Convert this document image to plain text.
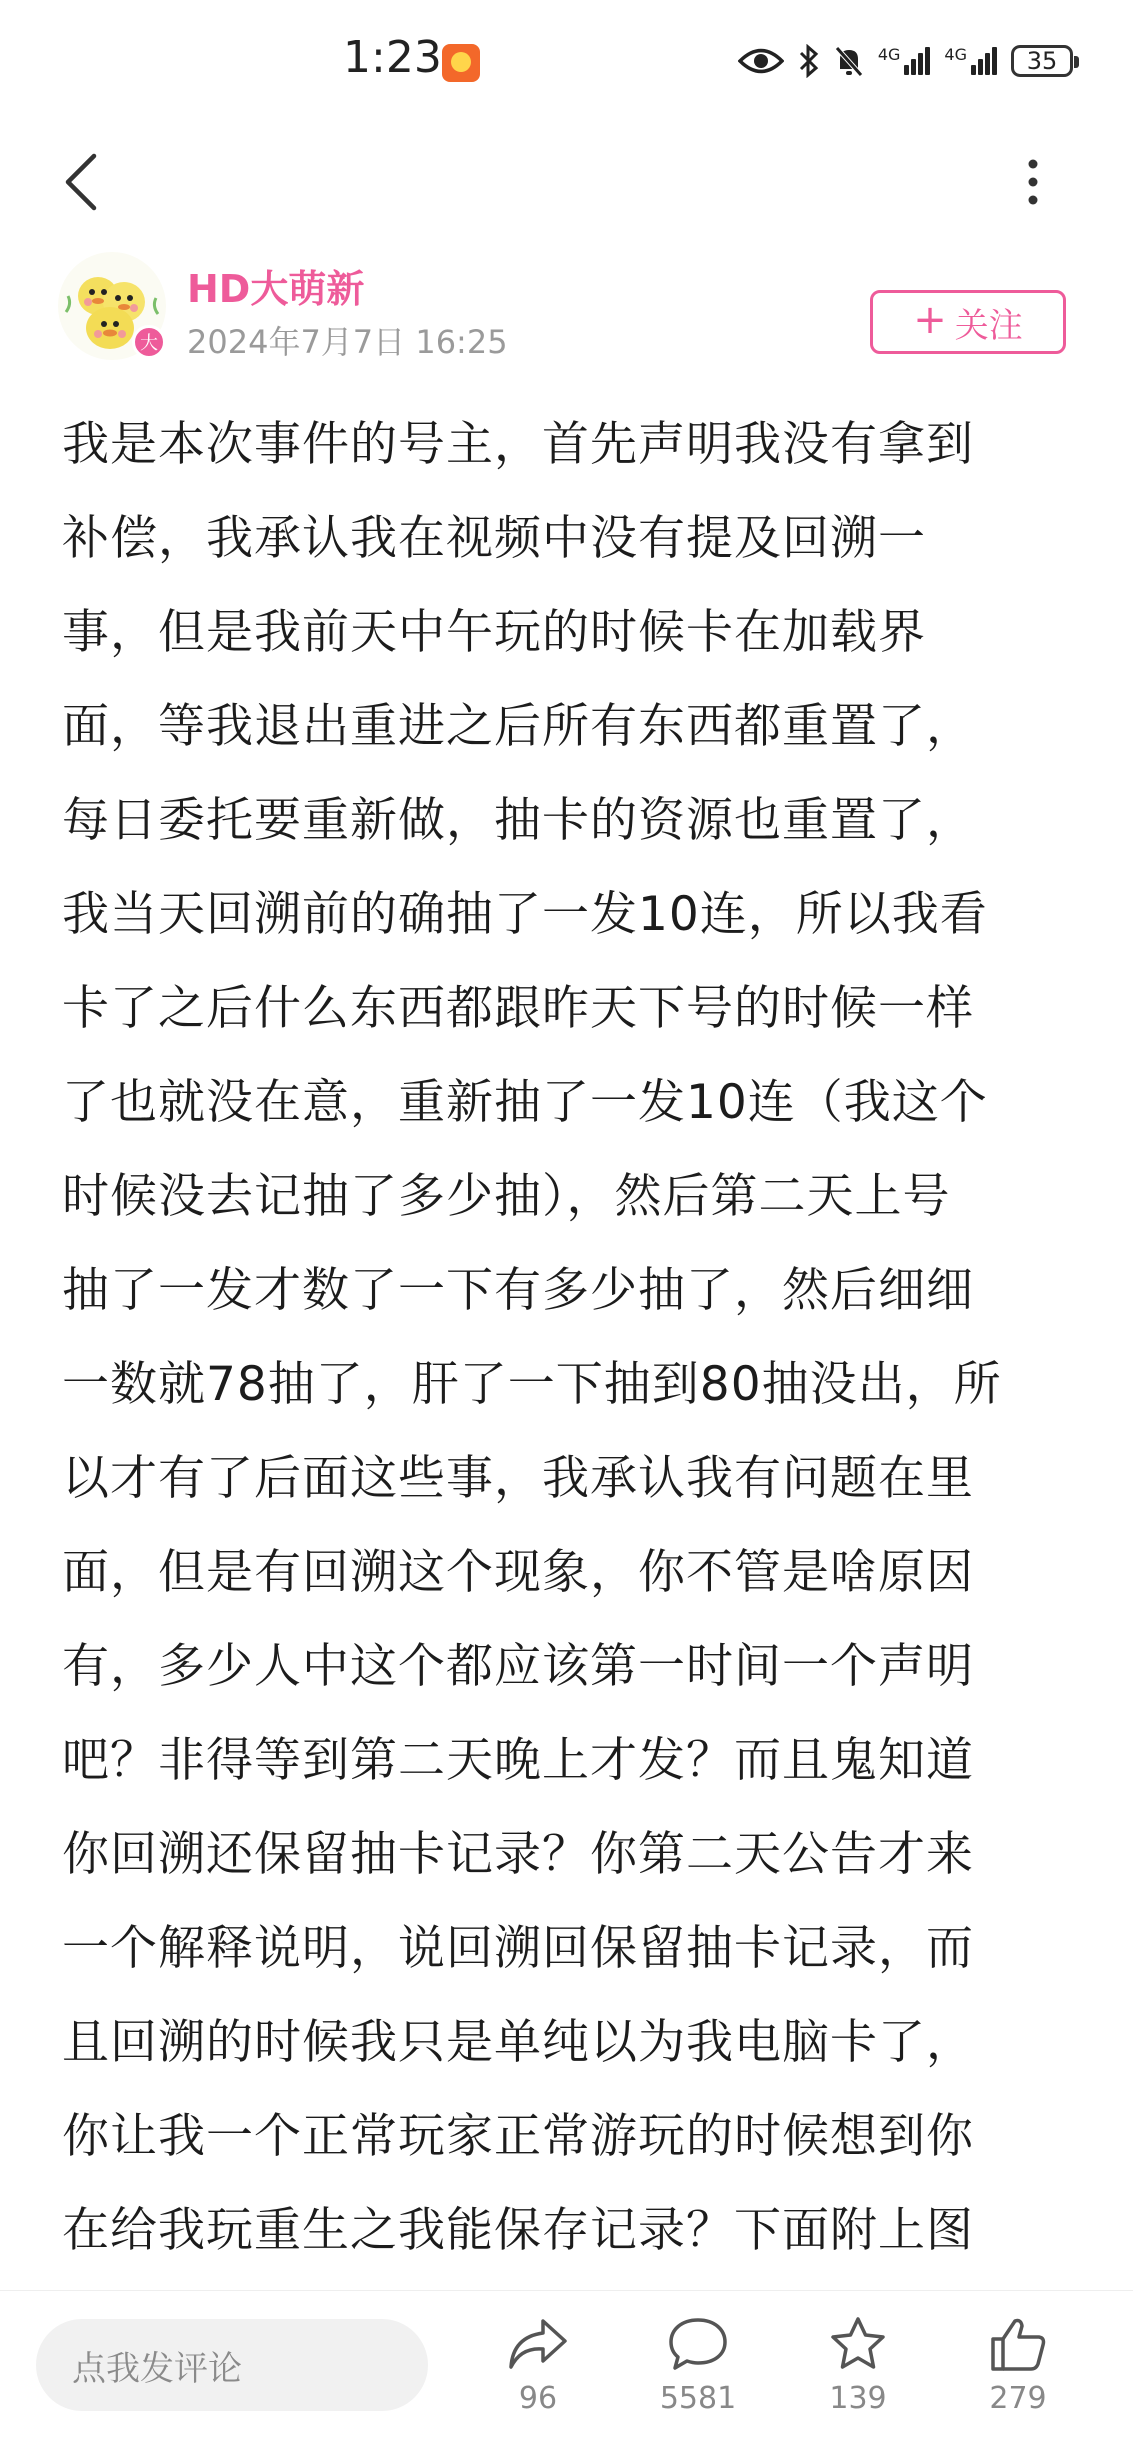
1:23	4G	4G 35
大
HD大萌新
2024年7月7日 16:25	+ 关注
我是本次事件的号主，首先声明我没有拿到
补偿，我承认我在视频中没有提及回溯一
事，但是我前天中午玩的时候卡在加载界
面，等我退出重进之后所有东西都重置了，
每日委托要重新做，抽卡的资源也重置了，
我当天回溯前的确抽了一发10连，所以我看
卡了之后什么东西都跟昨天下号的时候一样
了也就没在意，重新抽了一发10连（我这个
时候没去记抽了多少抽），然后第二天上号
抽了一发才数了一下有多少抽了，然后细细
一数就78抽了，肝了一下抽到80抽没出，所
以才有了后面这些事，我承认我有问题在里
面，但是有回溯这个现象，你不管是啥原因
有，多少人中这个都应该第一时间一个声明
吧？非得等到第二天晚上才发？而且鬼知道
你回溯还保留抽卡记录？你第二天公告才来
一个解释说明，说回溯回保留抽卡记录，而
且回溯的时候我只是单纯以为我电脑卡了，
你让我一个正常玩家正常游玩的时候想到你
在给我玩重生之我能保存记录？下面附上图
点我发评论
96	5581	139	279
